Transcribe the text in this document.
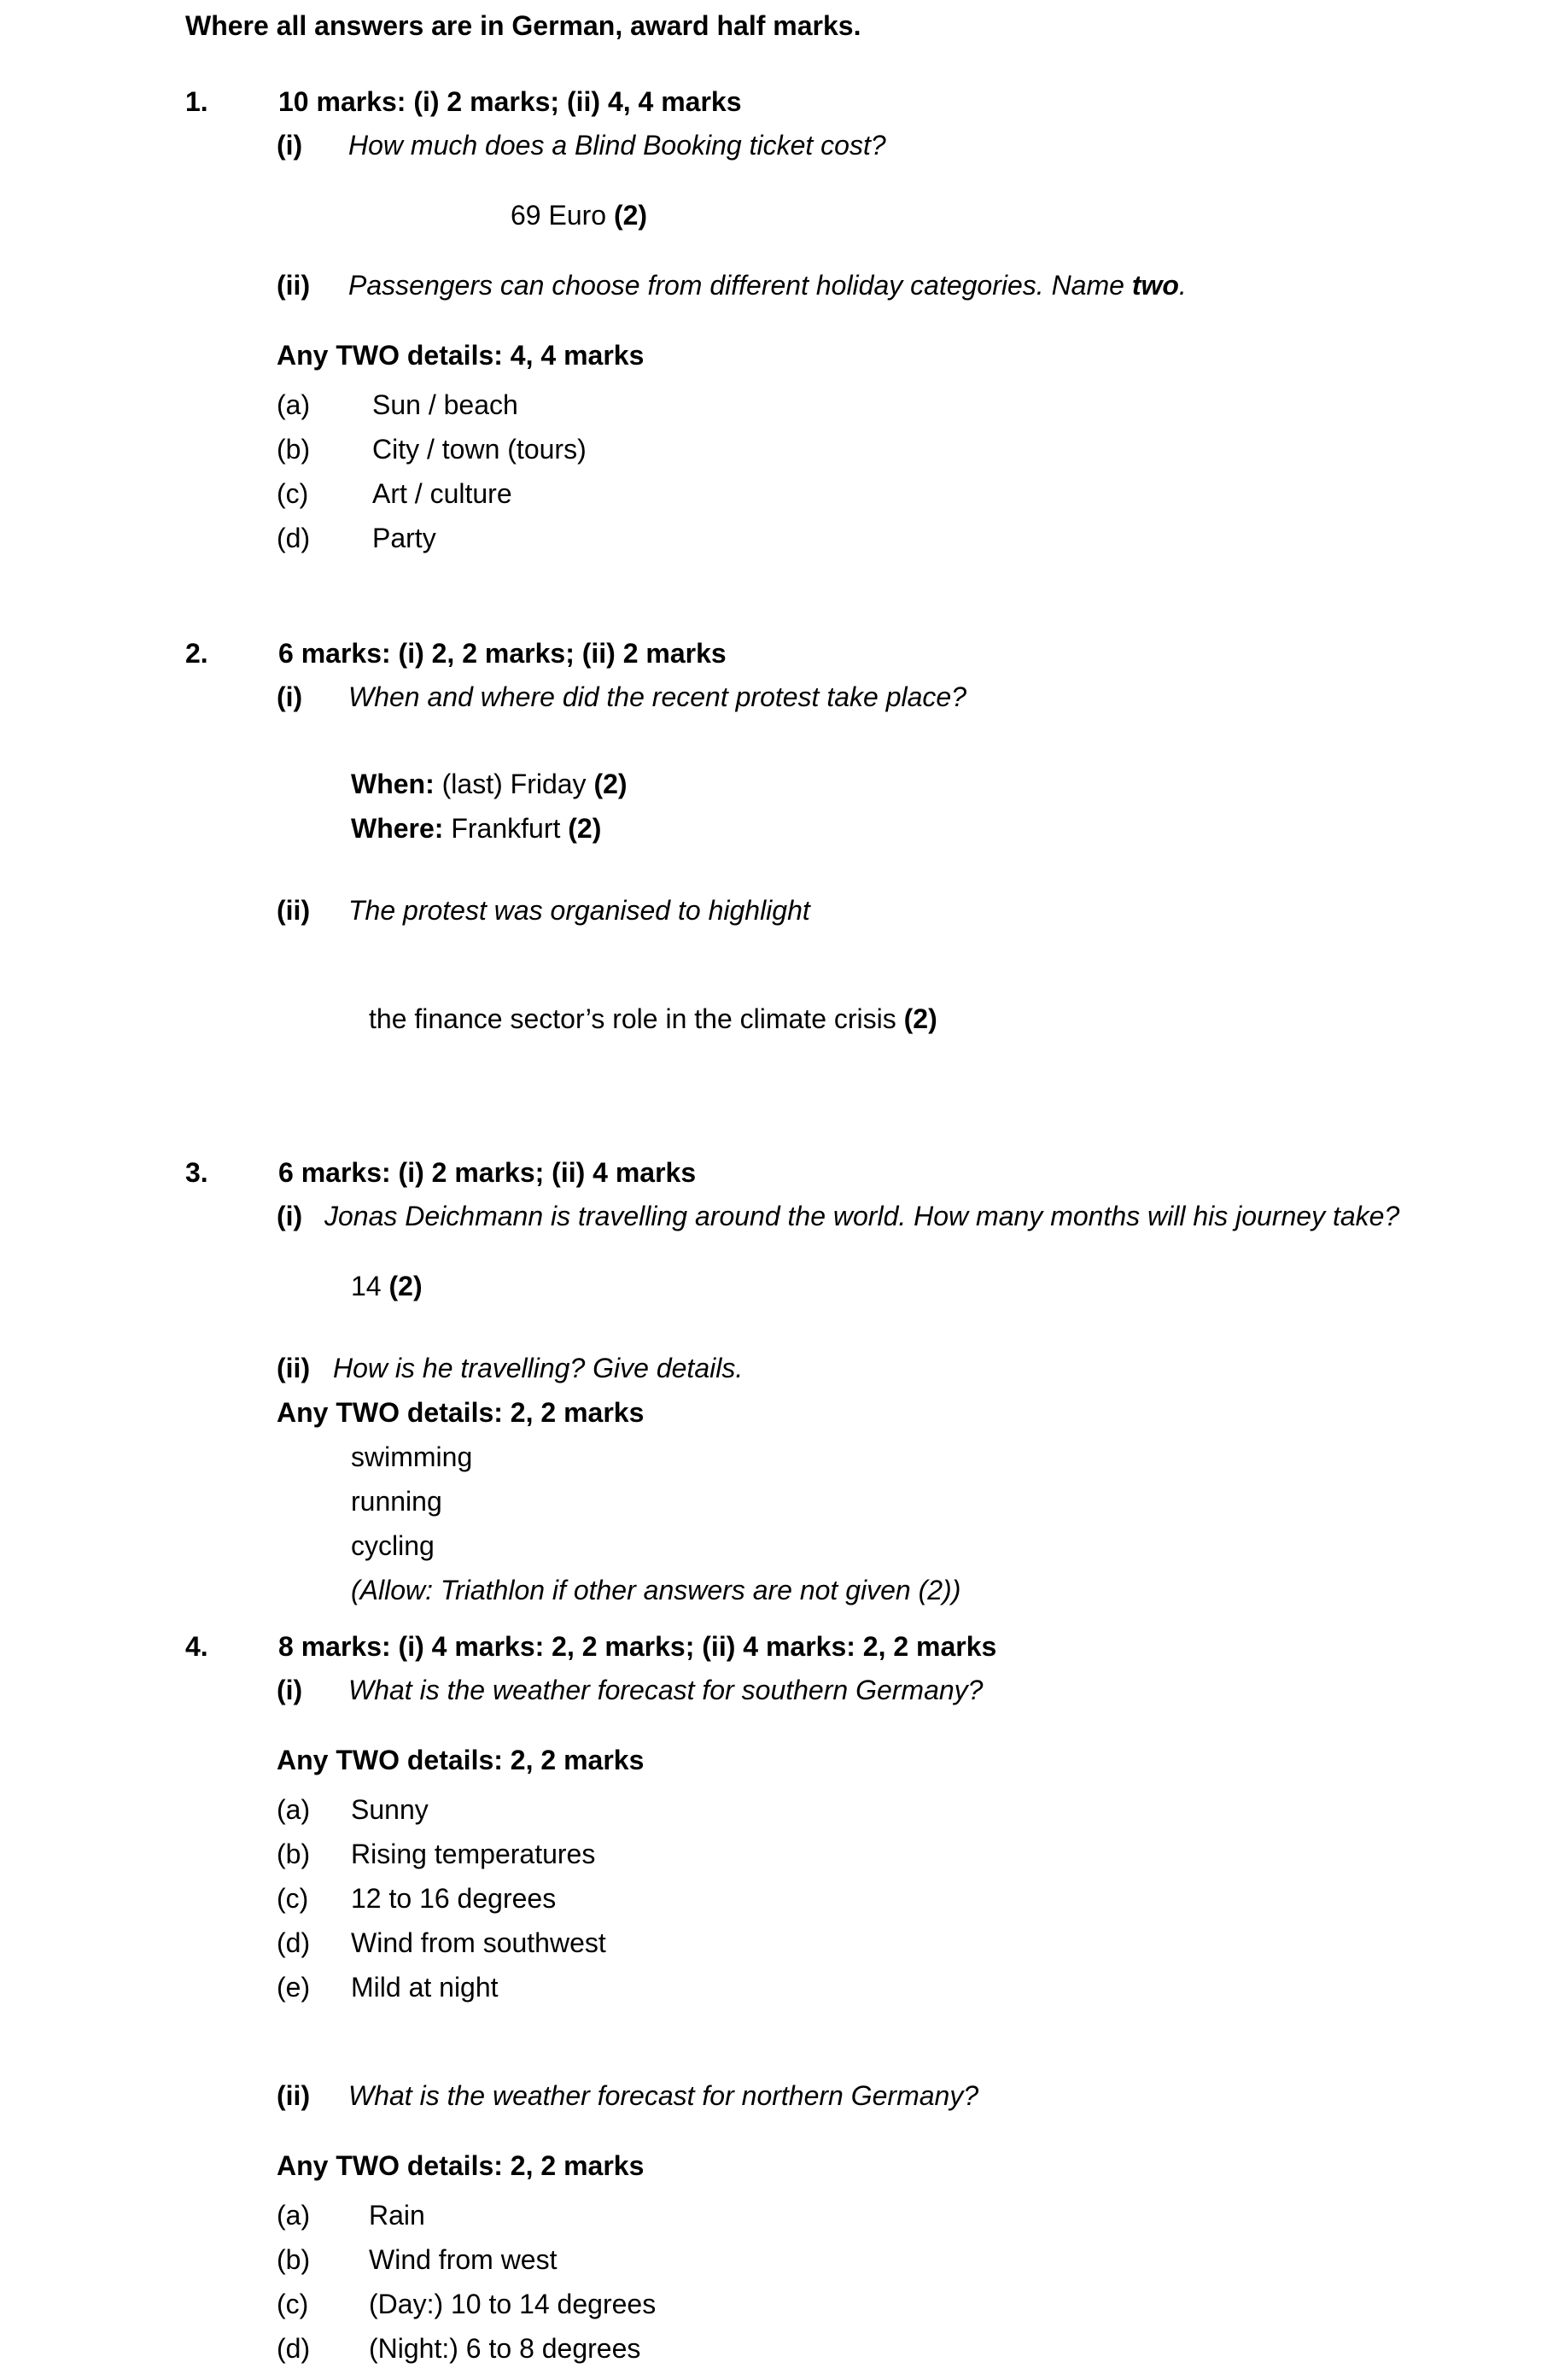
Where all answers are in German, award half marks.
1.	10 marks: (i) 2 marks; (ii) 4, 4 marks
(i) How much does a Blind Booking ticket cost?
69 Euro (2)
(ii) Passengers can choose from different holiday categories. Name two.
Any TWO details: 4, 4 marks
(a) Sun / beach
(b) City / town (tours)
(c) Art / culture
(d) Party
2.	6 marks: (i) 2, 2 marks; (ii) 2 marks
(i) When and where did the recent protest take place?
When: (last) Friday (2)
Where: Frankfurt (2)
(ii) The protest was organised to highlight
the finance sector’s role in the climate crisis (2)
3.	6 marks: (i) 2 marks; (ii) 4 marks
(i) Jonas Deichmann is travelling around the world. How many months will his journey take?
14 (2)
(ii) How is he travelling? Give details.
Any TWO details: 2, 2 marks
swimming
running
cycling
(Allow: Triathlon if other answers are not given (2))
4.	8 marks: (i) 4 marks: 2, 2 marks; (ii) 4 marks: 2, 2 marks
(i) What is the weather forecast for southern Germany?
Any TWO details: 2, 2 marks
(a) Sunny
(b) Rising temperatures
(c) 12 to 16 degrees
(d) Wind from southwest
(e) Mild at night
(ii) What is the weather forecast for northern Germany?
Any TWO details: 2, 2 marks
(a) Rain
(b) Wind from west
(c) (Day:) 10 to 14 degrees
(d) (Night:) 6 to 8 degrees
